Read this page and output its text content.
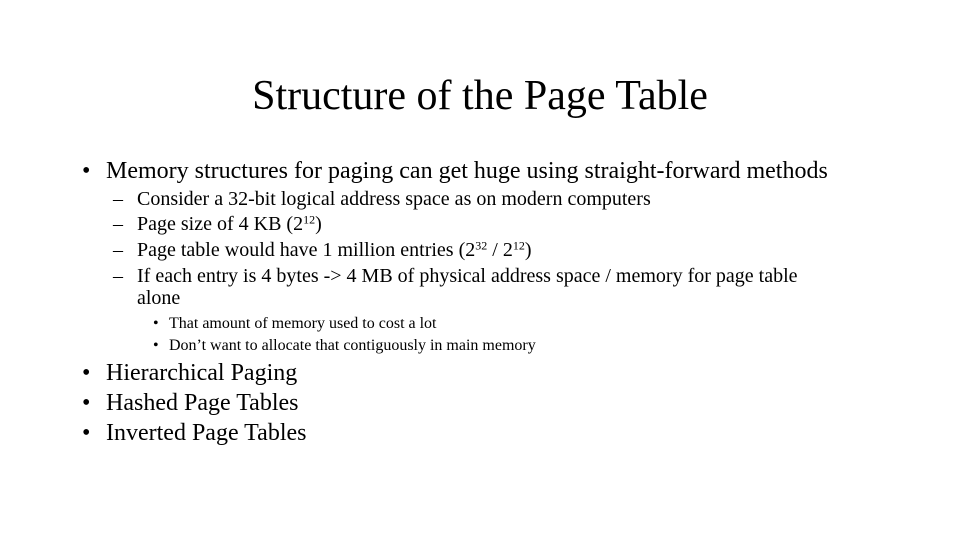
Structure of the Page Table
• Memory structures for paging can get huge using straight-forward methods
– Consider a 32-bit logical address space as on modern computers
– Page size of 4 KB $(2^{12})$
– Page table would have 1 million entries $(2^{32} / 2^{12})$
– If each entry is 4 bytes -> 4 MB of physical address space / memory for page table
alone
• That amount of memory used to cost a lot
• Don’t want to allocate that contiguously in main memory
• Hierarchical Paging
• Hashed Page Tables
• Inverted Page Tables
